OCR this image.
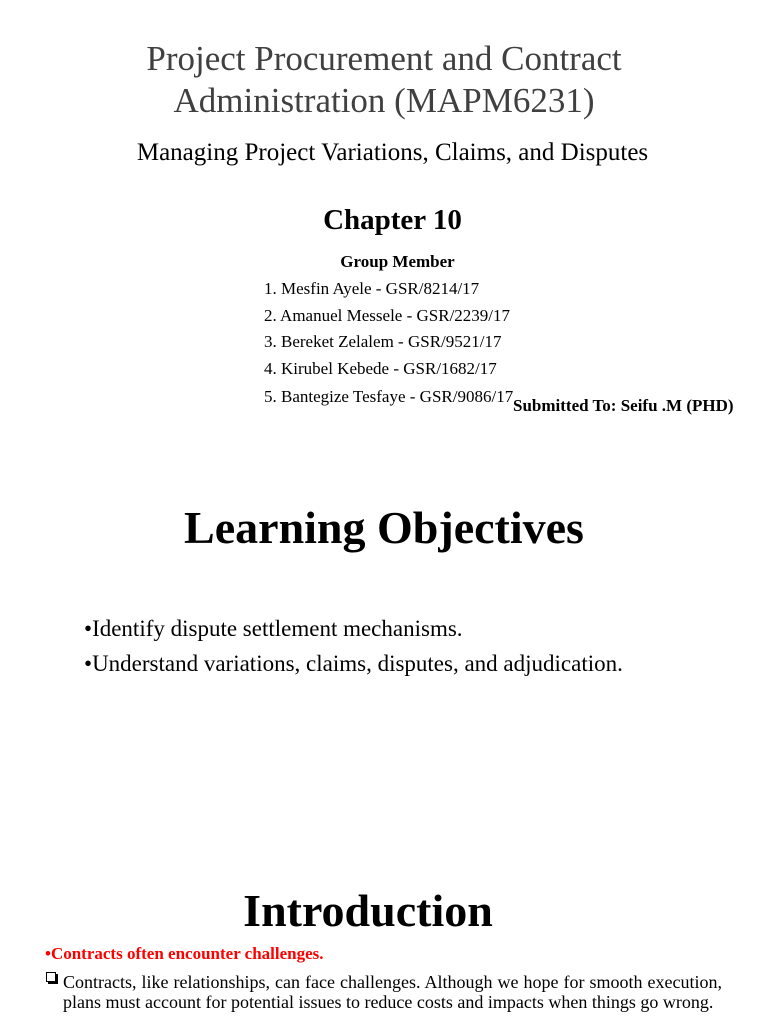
Project Procurement and Contract Administration (MAPM6231)
Managing Project Variations, Claims, and Disputes
Chapter 10
Group Member
1. Mesfin Ayele - GSR/8214/17
2. Amanuel Messele - GSR/2239/17
3. Bereket Zelalem - GSR/9521/17
4. Kirubel Kebede - GSR/1682/17
5. Bantegize Tesfaye - GSR/9086/17 Submitted To: Seifu .M (PHD)
Learning Objectives
•Identify dispute settlement mechanisms.
•Understand variations, claims, disputes, and adjudication.
Introduction
•Contracts often encounter challenges.
Contracts, like relationships, can face challenges. Although we hope for smooth execution, plans must account for potential issues to reduce costs and impacts when things go wrong.
